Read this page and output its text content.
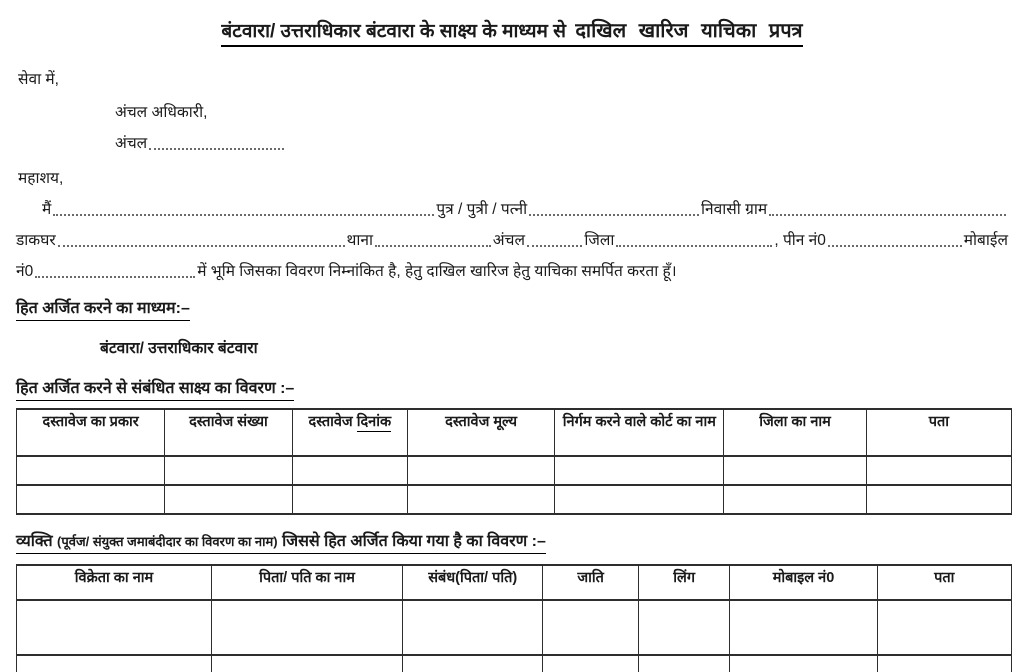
बंटवारा/ उत्तराधिकार बंटवारा के साक्ष्य के माध्यम से दाखिल खारिज याचिका प्रपत्र
सेवा में,
अंचल अधिकारी,
अंचल
महाशय,
मैं	पुत्र / पुत्री / पत्नी	निवासी ग्राम
डाकघर	थाना	अंचल	जिला	, पीन नं0	मोबाईल
नं0	में भूमि जिसका विवरण निम्नांकित है, हेतु दाखिल खारिज हेतु याचिका समर्पित करता हूँ।
हित अर्जित करने का माध्यम:–
बंटवारा/ उत्तराधिकार बंटवारा
हित अर्जित करने से संबंधित साक्ष्य का विवरण :–
दस्तावेज का प्रकार	दस्तावेज संख्या	दस्तावेज दिनांक	दस्तावेज मूल्य	निर्गम करने वाले कोर्ट का नाम	जिला का नाम	पता

व्यक्ति (पूर्वज/ संयुक्त जमाबंदीदार का विवरण का नाम) जिससे हित अर्जित किया गया है का विवरण :–
विक्रेता का नाम	पिता/ पति का नाम	संबंध(पिता/ पति)	जाति	लिंग	मोबाइल नं0	पता
